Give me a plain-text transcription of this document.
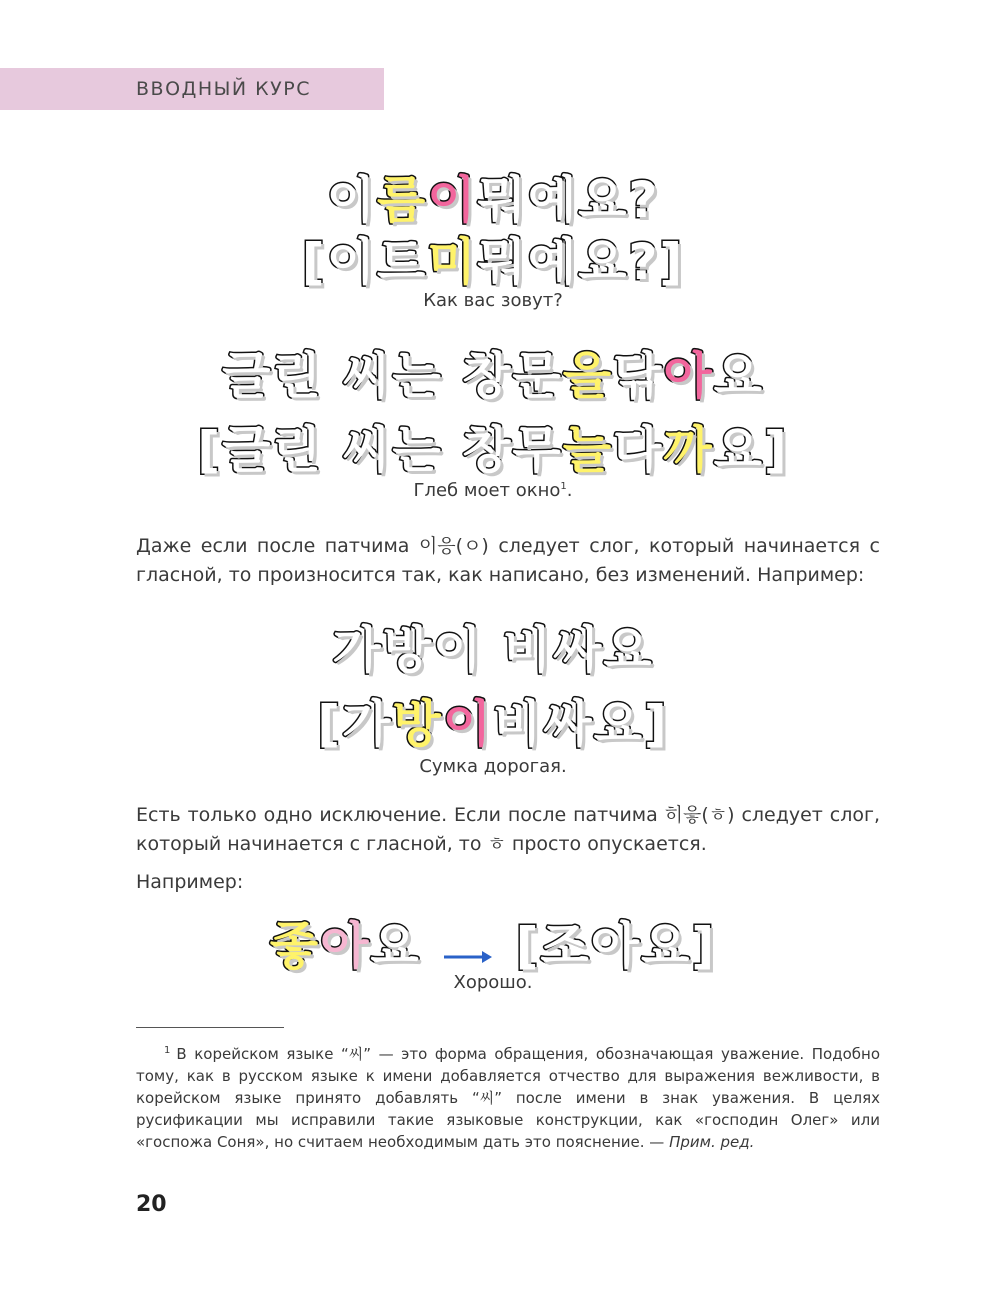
ВВОДНЫЙ КУРС
이름이뭐예요?
[이트미뭐예요?]
Как вас зовут?
글린 씨는 창문을닦아요
[글린 씨는 창무늘다까요]
Глеб моет окно$^1$.
Даже если после патчима 이응(ㅇ) следует слог, который начинается с гласной, то произносится так, как написано, без изменений. Например:
가방이 비싸요
[가방이비싸요]
Сумка дорогая.
Есть только одно исключение. Если после патчима 히읗(ㅎ) следует слог, который начинается с гласной, то ㅎ просто опускается.
Например:
좋아요 [조아요]
Хорошо.
$^1$ В корейском языке “씨” — это форма обращения, обозначающая уважение. Подобно тому, как в русском языке к имени добавляется отчество для выражения вежливости, в корейском языке принято добавлять “씨” после имени в знак уважения. В целях русификации мы исправили такие языковые конструкции, как «господин Олег» или «госпожа Соня», но считаем необходимым дать это пояснение. — Прим. ред.
20
